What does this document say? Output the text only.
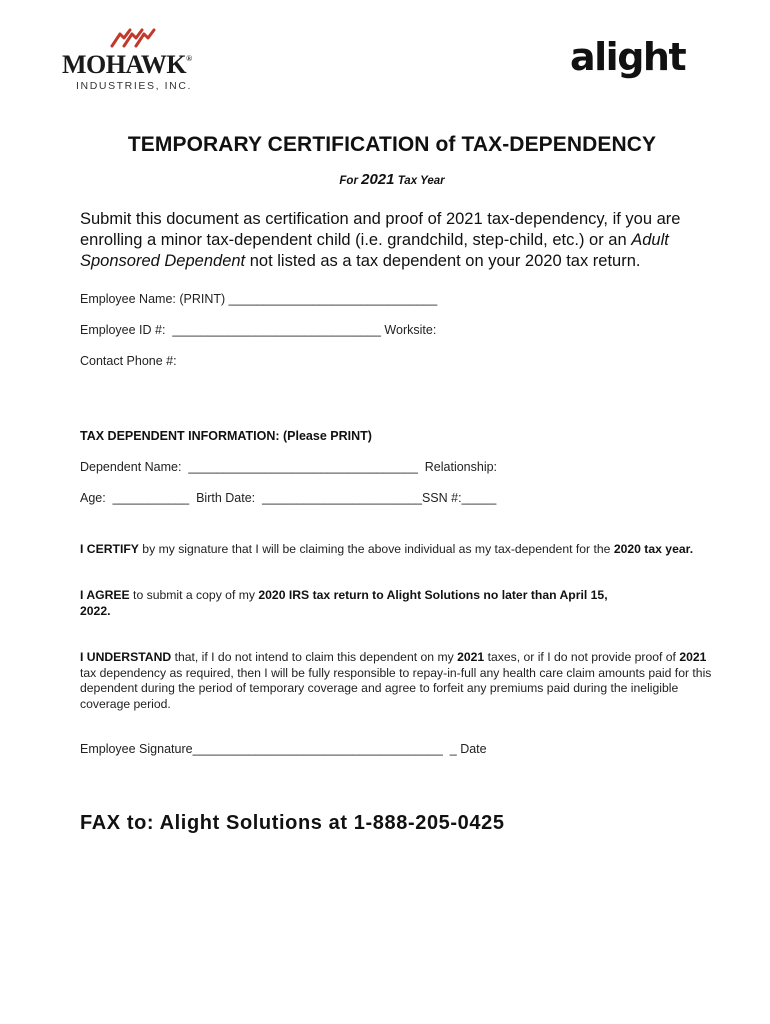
MOHAWK®
INDUSTRIES, INC.
alight
TEMPORARY CERTIFICATION of TAX-DEPENDENCY
For 2021 Tax Year
Submit this document as certification and proof of 2021 tax-dependency, if you are enrolling a minor tax-dependent child (i.e. grandchild, step-child, etc.) or an Adult Sponsored Dependent not listed as a tax dependent on your 2020 tax return.
Employee Name: (PRINT) ______________________________
Employee ID #:  ______________________________ Worksite:
Contact Phone #:
TAX DEPENDENT INFORMATION: (Please PRINT)
Dependent Name:  _________________________________  Relationship:
Age:  ___________  Birth Date:  _______________________SSN #:_____
I CERTIFY by my signature that I will be claiming the above individual as my tax-dependent for the 2020 tax year.
I AGREE to submit a copy of my 2020 IRS tax return to Alight Solutions no later than April 15, 2022.
I UNDERSTAND that, if I do not intend to claim this dependent on my 2021 taxes, or if I do not provide proof of 2021 tax dependency as required, then I will be fully responsible to repay-in-full any health care claim amounts paid for this dependent during the period of temporary coverage and agree to forfeit any premiums paid during the ineligible coverage period.
Employee Signature____________________________________  _ Date
FAX to: Alight Solutions at 1-888-205-0425
